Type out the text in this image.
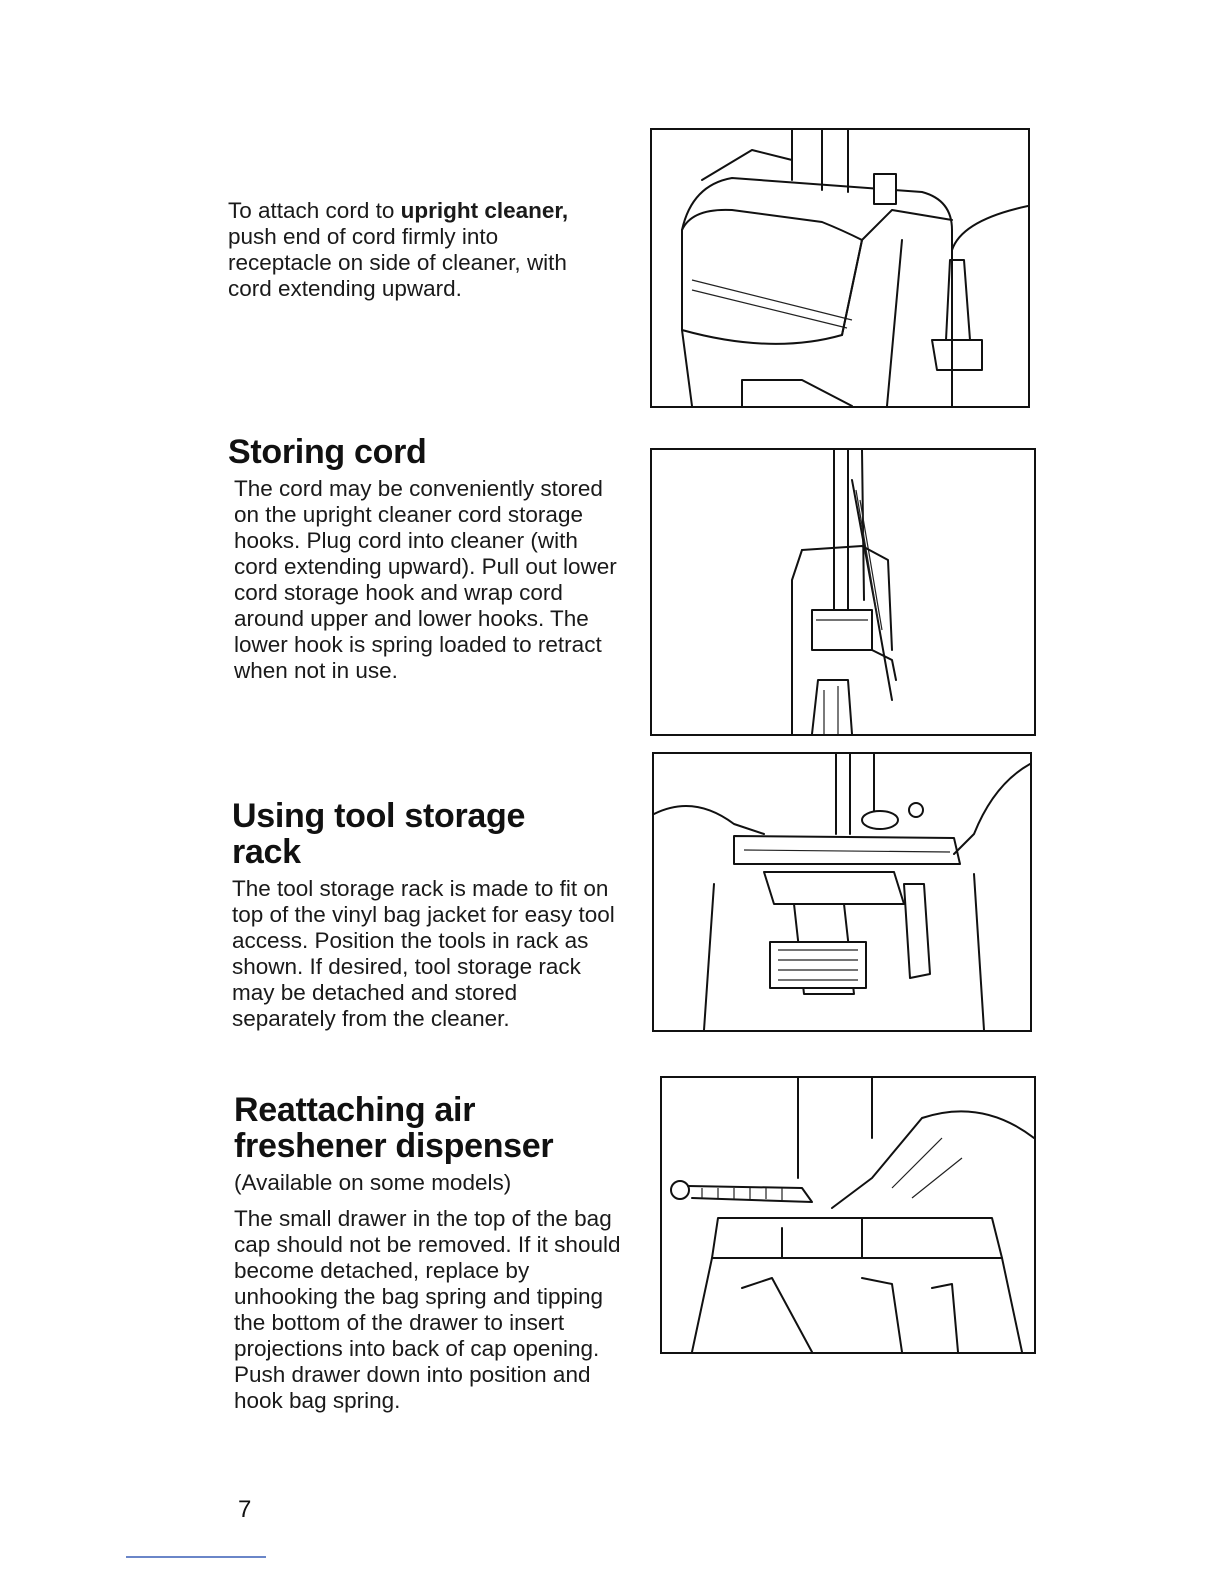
To attach cord to upright cleaner, push end of cord firmly into receptacle on side of cleaner, with cord extending upward.

Storing cord

The cord may be conveniently stored on the upright cleaner cord storage hooks. Plug cord into cleaner (with cord extending upward). Pull out lower cord storage hook and wrap cord around upper and lower hooks. The lower hook is spring loaded to retract when not in use.

Using tool storage rack

The tool storage rack is made to fit on top of the vinyl bag jacket for easy tool access. Position the tools in rack as shown. If desired, tool storage rack may be detached and stored separately from the cleaner.

Reattaching air freshener dispenser

(Available on some models)

The small drawer in the top of the bag cap should not be removed. If it should become detached, replace by unhooking the bag spring and tipping the bottom of the drawer to insert projections into back of cap opening. Push drawer down into position and hook bag spring.

7
